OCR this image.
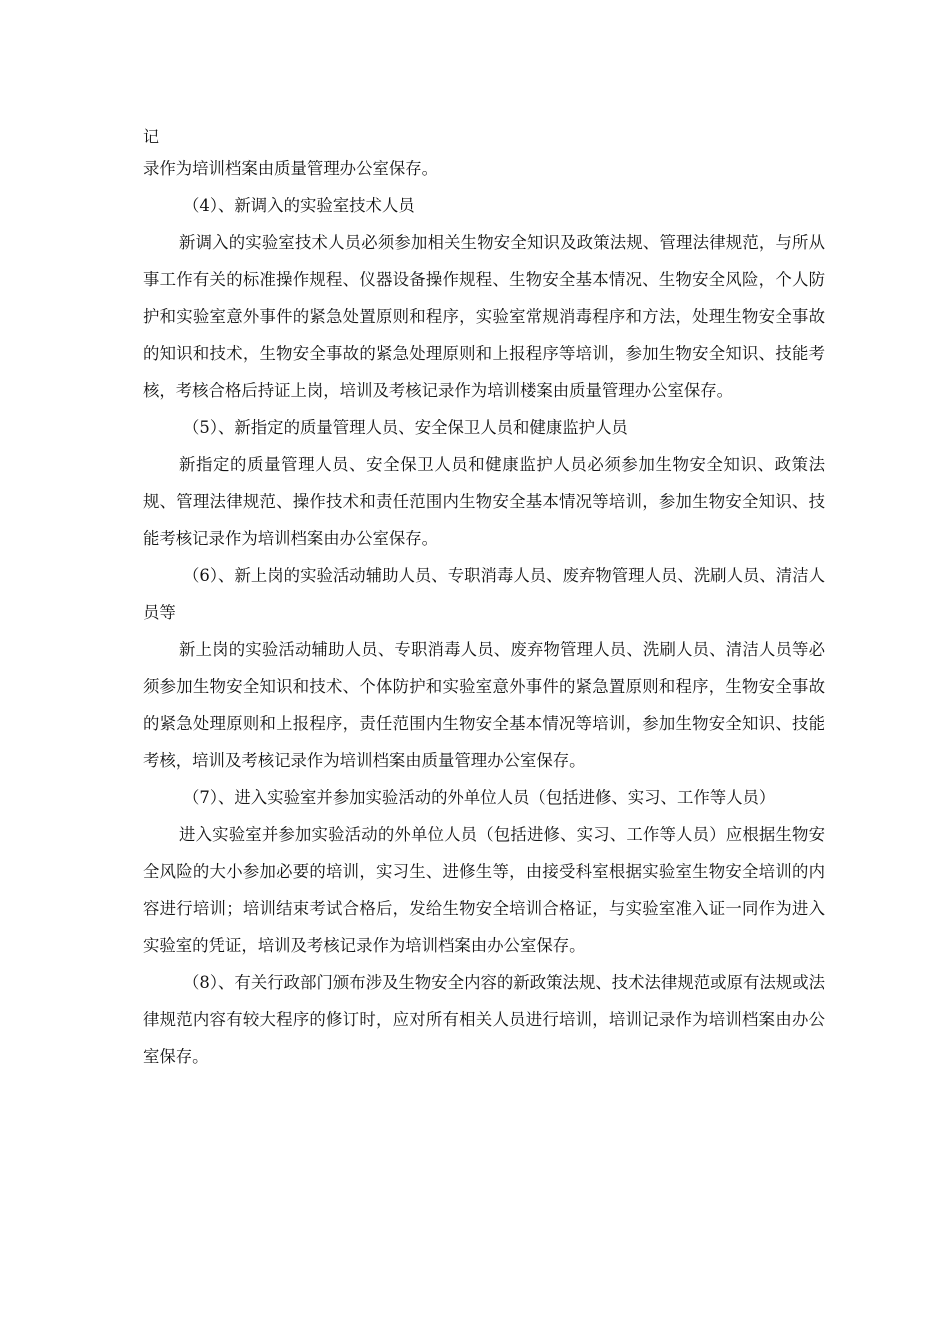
记

录作为培训档案由质量管理办公室保存。

（4）、新调入的实验室技术人员

新调入的实验室技术人员必须参加相关生物安全知识及政策法规、管理法律规范，与所从事工作有关的标准操作规程、仪器设备操作规程、生物安全基本情况、生物安全风险，个人防护和实验室意外事件的紧急处置原则和程序，实验室常规消毒程序和方法，处理生物安全事故的知识和技术，生物安全事故的紧急处理原则和上报程序等培训，参加生物安全知识、技能考核，考核合格后持证上岗，培训及考核记录作为培训楼案由质量管理办公室保存。

（5）、新指定的质量管理人员、安全保卫人员和健康监护人员

新指定的质量管理人员、安全保卫人员和健康监护人员必须参加生物安全知识、政策法规、管理法律规范、操作技术和责任范围内生物安全基本情况等培训，参加生物安全知识、技能考核记录作为培训档案由办公室保存。

（6）、新上岗的实验活动辅助人员、专职消毒人员、废弃物管理人员、洗刷人员、清洁人员等

新上岗的实验活动辅助人员、专职消毒人员、废弃物管理人员、洗刷人员、清洁人员等必须参加生物安全知识和技术、个体防护和实验室意外事件的紧急置原则和程序，生物安全事故的紧急处理原则和上报程序，责任范围内生物安全基本情况等培训，参加生物安全知识、技能考核，培训及考核记录作为培训档案由质量管理办公室保存。

（7）、进入实验室并参加实验活动的外单位人员（包括进修、实习、工作等人员）

进入实验室并参加实验活动的外单位人员（包括进修、实习、工作等人员）应根据生物安全风险的大小参加必要的培训，实习生、进修生等，由接受科室根据实验室生物安全培训的内容进行培训；培训结束考试合格后，发给生物安全培训合格证，与实验室准入证一同作为进入实验室的凭证，培训及考核记录作为培训档案由办公室保存。

（8）、有关行政部门颁布涉及生物安全内容的新政策法规、技术法律规范或原有法规或法律规范内容有较大程序的修订时，应对所有相关人员进行培训，培训记录作为培训档案由办公室保存。
